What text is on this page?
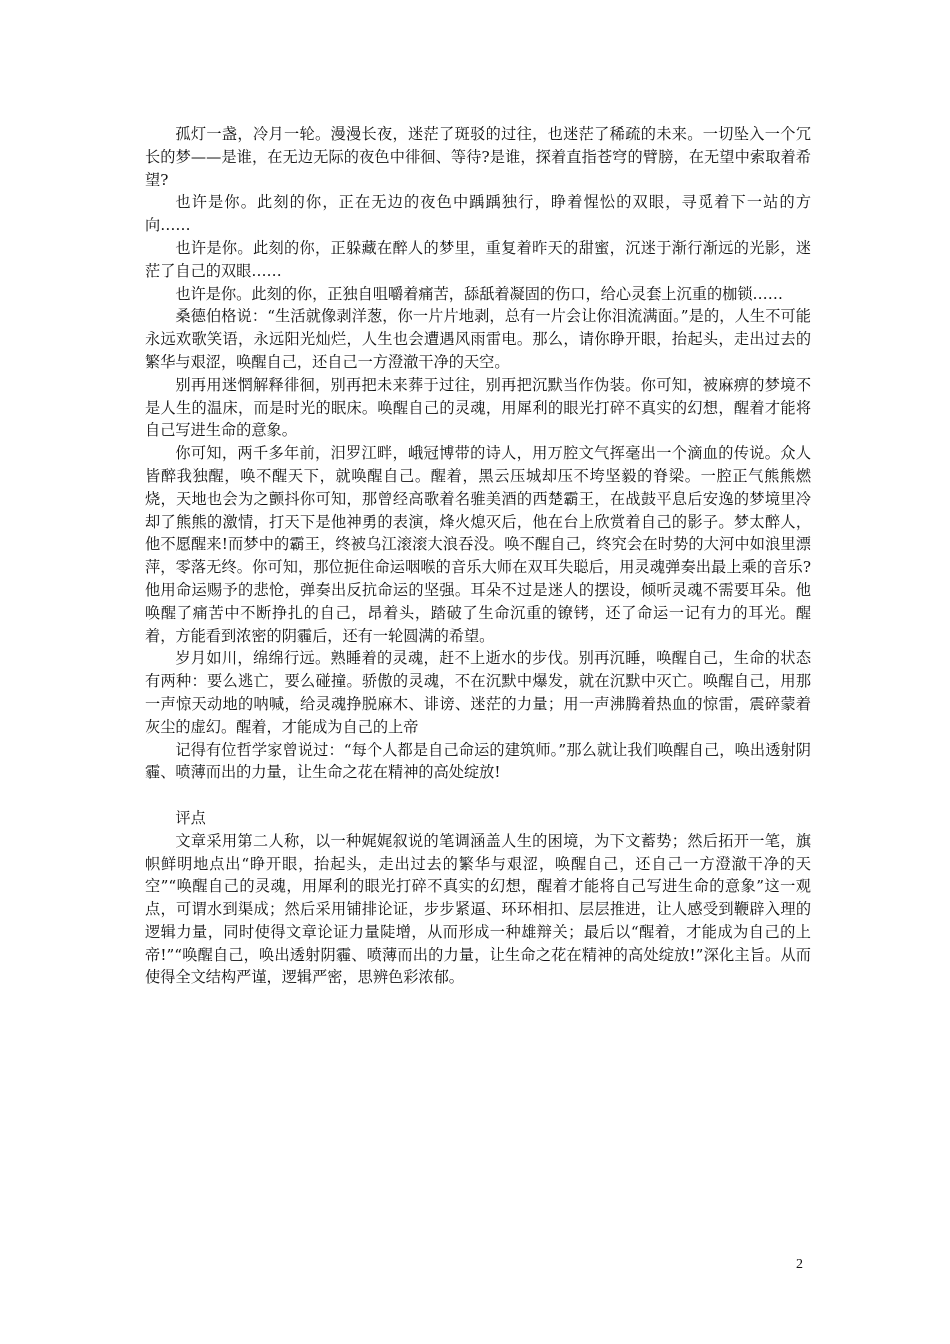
孤灯一盏，冷月一轮。漫漫长夜，迷茫了斑驳的过往，也迷茫了稀疏的未来。一切坠入一个冗长的梦——是谁，在无边无际的夜色中徘徊、等待?是谁，探着直指苍穹的臂膀，在无望中索取着希望?

也许是你。此刻的你，正在无边的夜色中踽踽独行，睁着惺忪的双眼，寻觅着下一站的方向……

也许是你。此刻的你，正躲藏在醉人的梦里，重复着昨天的甜蜜，沉迷于渐行渐远的光影，迷茫了自己的双眼……

也许是你。此刻的你，正独自咀嚼着痛苦，舔舐着凝固的伤口，给心灵套上沉重的枷锁……

桑德伯格说：“生活就像剥洋葱，你一片片地剥，总有一片会让你泪流满面。”是的，人生不可能永远欢歌笑语，永远阳光灿烂，人生也会遭遇风雨雷电。那么，请你睁开眼，抬起头，走出过去的繁华与艰涩，唤醒自己，还自己一方澄澈干净的天空。

别再用迷惘解释徘徊，别再把未来葬于过往，别再把沉默当作伪装。你可知，被麻痹的梦境不是人生的温床，而是时光的眠床。唤醒自己的灵魂，用犀利的眼光打碎不真实的幻想，醒着才能将自己写进生命的意象。

你可知，两千多年前，汨罗江畔，峨冠博带的诗人，用万腔文气挥毫出一个滴血的传说。众人皆醉我独醒，唤不醒天下，就唤醒自己。醒着，黑云压城却压不垮坚毅的脊梁。一腔正气熊熊燃烧，天地也会为之颤抖你可知，那曾经高歌着名骓美酒的西楚霸王，在战鼓平息后安逸的梦境里冷却了熊熊的激情，打天下是他神勇的表演，烽火熄灭后，他在台上欣赏着自己的影子。梦太醉人，他不愿醒来!而梦中的霸王，终被乌江滚滚大浪吞没。唤不醒自己，终究会在时势的大河中如浪里漂萍，零落无终。你可知，那位扼住命运咽喉的音乐大师在双耳失聪后，用灵魂弹奏出最上乘的音乐?他用命运赐予的悲怆，弹奏出反抗命运的坚强。耳朵不过是迷人的摆设，倾听灵魂不需要耳朵。他唤醒了痛苦中不断挣扎的自己，昂着头，踏破了生命沉重的镣铐，还了命运一记有力的耳光。醒着，方能看到浓密的阴霾后，还有一轮圆满的希望。

岁月如川，绵绵行远。熟睡着的灵魂，赶不上逝水的步伐。别再沉睡，唤醒自己，生命的状态有两种：要么逃亡，要么碰撞。骄傲的灵魂，不在沉默中爆发，就在沉默中灭亡。唤醒自己，用那一声惊天动地的呐喊，给灵魂挣脱麻木、诽谤、迷茫的力量；用一声沸腾着热血的惊雷，震碎蒙着灰尘的虚幻。醒着，才能成为自己的上帝

记得有位哲学家曾说过：“每个人都是自己命运的建筑师。”那么就让我们唤醒自己，唤出透射阴霾、喷薄而出的力量，让生命之花在精神的高处绽放!

评点

文章采用第二人称，以一种娓娓叙说的笔调涵盖人生的困境，为下文蓄势；然后拓开一笔，旗帜鲜明地点出“睁开眼，抬起头，走出过去的繁华与艰涩，唤醒自己，还自己一方澄澈干净的天空”“唤醒自己的灵魂，用犀利的眼光打碎不真实的幻想，醒着才能将自己写进生命的意象”这一观点，可谓水到渠成；然后采用铺排论证，步步紧逼、环环相扣、层层推进，让人感受到鞭辟入理的逻辑力量，同时使得文章论证力量陡增，从而形成一种雄辩关；最后以“醒着，才能成为自己的上帝!”“唤醒自己，唤出透射阴霾、喷薄而出的力量，让生命之花在精神的高处绽放!”深化主旨。从而使得全文结构严谨，逻辑严密，思辨色彩浓郁。

2
